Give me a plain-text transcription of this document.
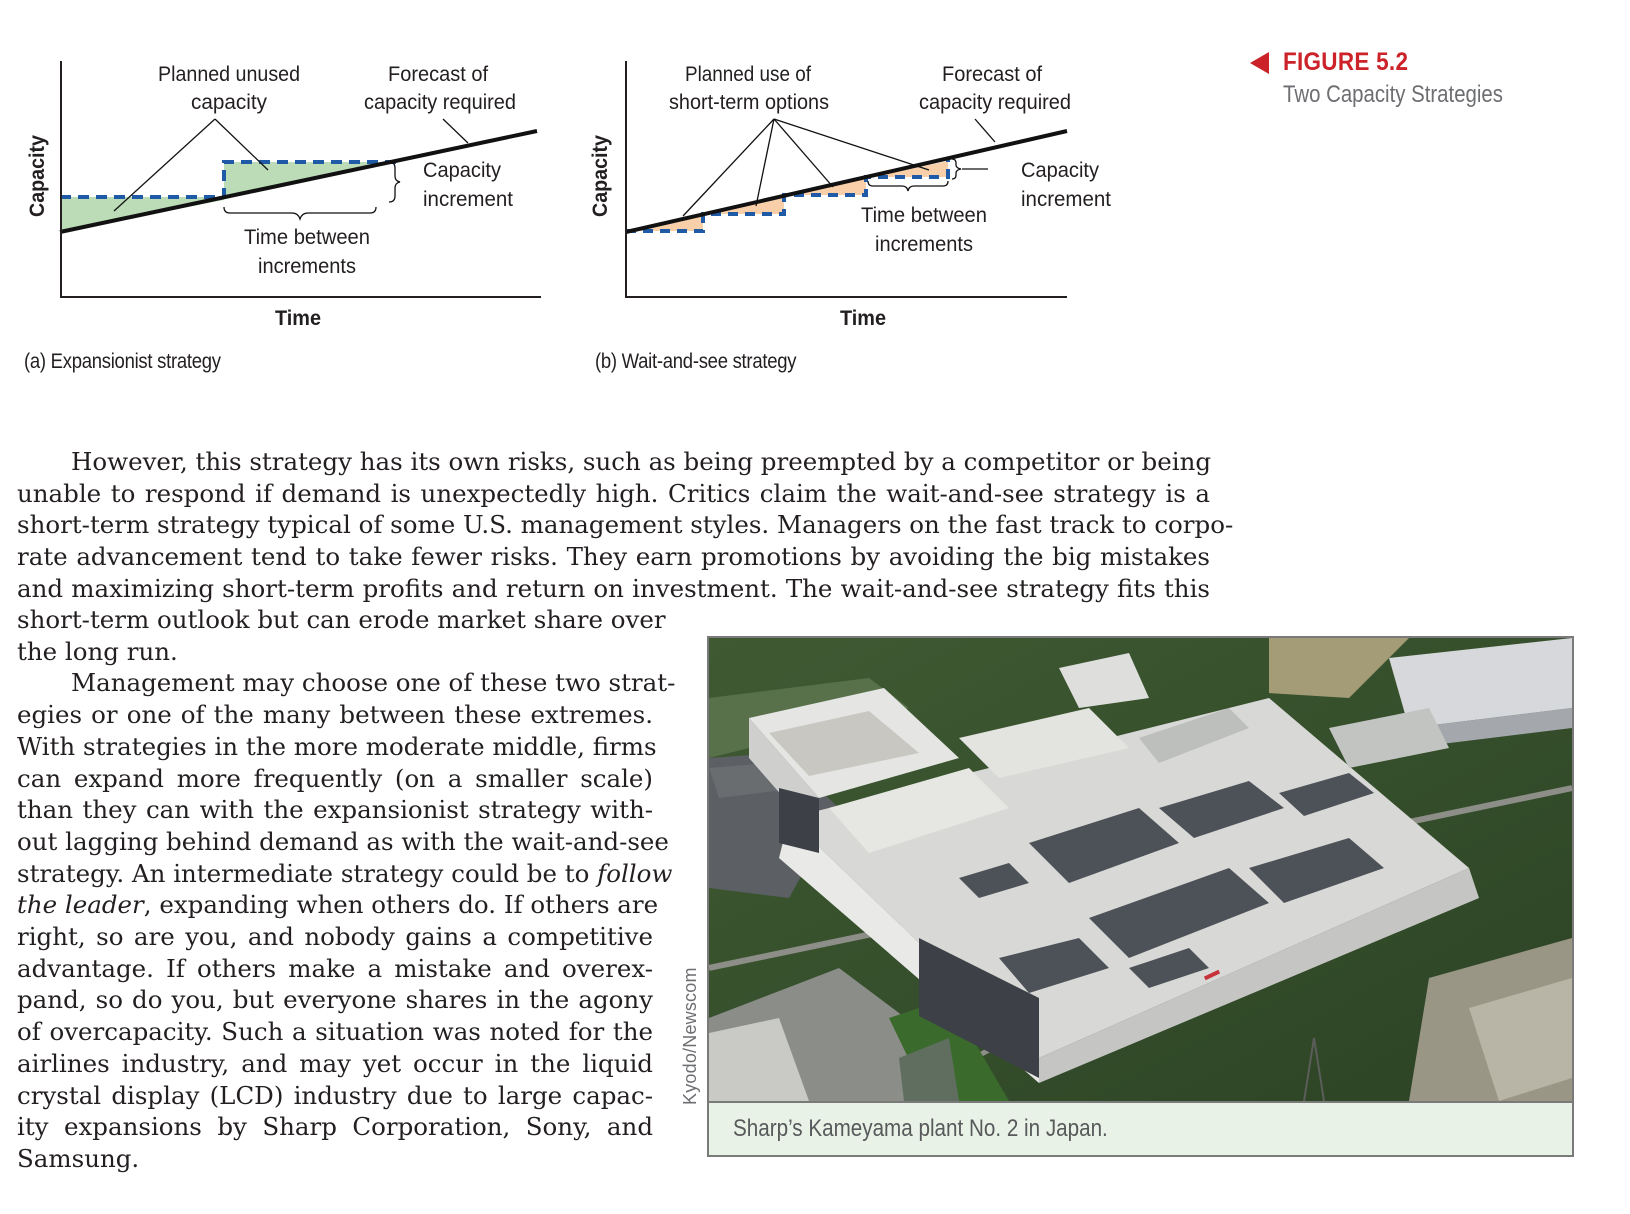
Planned unused
capacity
Forecast of
capacity required
Time between
increments
Capacity
increment
Time
Capacity
Planned use of
short-term options
Forecast of
capacity required
Time between
increments
Capacity
increment
Time
Capacity
(a) Expansionist strategy	(b) Wait-and-see strategy
FIGURE 5.2
Two Capacity Strategies
However, this strategy has its own risks, such as being preempted by a competitor or being
unable to respond if demand is unexpectedly high. Critics claim the wait-and-see strategy is a
short-term strategy typical of some U.S. management styles. Managers on the fast track to corpo-
rate advancement tend to take fewer risks. They earn promotions by avoiding the big mistakes
and maximizing short-term profits and return on investment. The wait-and-see strategy fits this
short-term outlook but can erode market share over
the long run.
Management may choose one of these two strat-
egies or one of the many between these extremes.
With strategies in the more moderate middle, firms
can expand more frequently (on a smaller scale)
than they can with the expansionist strategy with-
out lagging behind demand as with the wait-and-see
strategy. An intermediate strategy could be to follow
the leader, expanding when others do. If others are
right, so are you, and nobody gains a competitive
advantage. If others make a mistake and overex-
pand, so do you, but everyone shares in the agony
of overcapacity. Such a situation was noted for the
airlines industry, and may yet occur in the liquid
crystal display (LCD) industry due to large capac-
ity expansions by Sharp Corporation, Sony, and
Samsung.
Kyodo/Newscom
Sharp’s Kameyama plant No. 2 in Japan.
